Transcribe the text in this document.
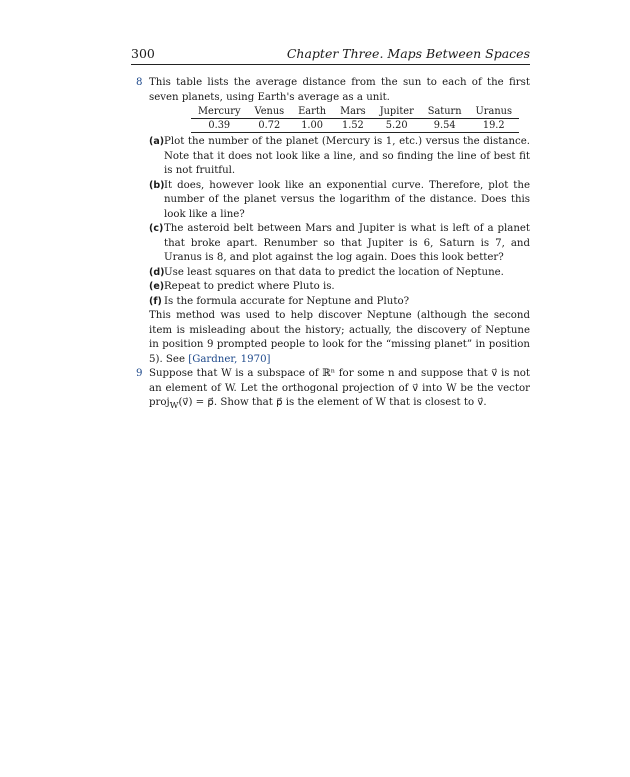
300	Chapter Three. Maps Between Spaces
8 This table lists the average distance from the sun to each of the first seven planets, using Earth's average as a unit.
Mercury	Venus	Earth	Mars	Jupiter	Saturn	Uranus
0.39	0.72	1.00	1.52	5.20	9.54	19.2
(a) Plot the number of the planet (Mercury is 1, etc.) versus the distance. Note that it does not look like a line, and so finding the line of best fit is not fruitful.
(b) It does, however look like an exponential curve. Therefore, plot the number of the planet versus the logarithm of the distance. Does this look like a line?
(c) The asteroid belt between Mars and Jupiter is what is left of a planet that broke apart. Renumber so that Jupiter is 6, Saturn is 7, and Uranus is 8, and plot against the log again. Does this look better?
(d) Use least squares on that data to predict the location of Neptune.
(e) Repeat to predict where Pluto is.
(f) Is the formula accurate for Neptune and Pluto?
This method was used to help discover Neptune (although the second item is misleading about the history; actually, the discovery of Neptune in position 9 prompted people to look for the “missing planet” in position 5). See [Gardner, 1970]
9 Suppose that W is a subspace of ℝⁿ for some n and suppose that v⃗ is not an element of W. Let the orthogonal projection of v⃗ into W be the vector proj$_W$(v⃗) = p⃗. Show that p⃗ is the element of W that is closest to v⃗.
